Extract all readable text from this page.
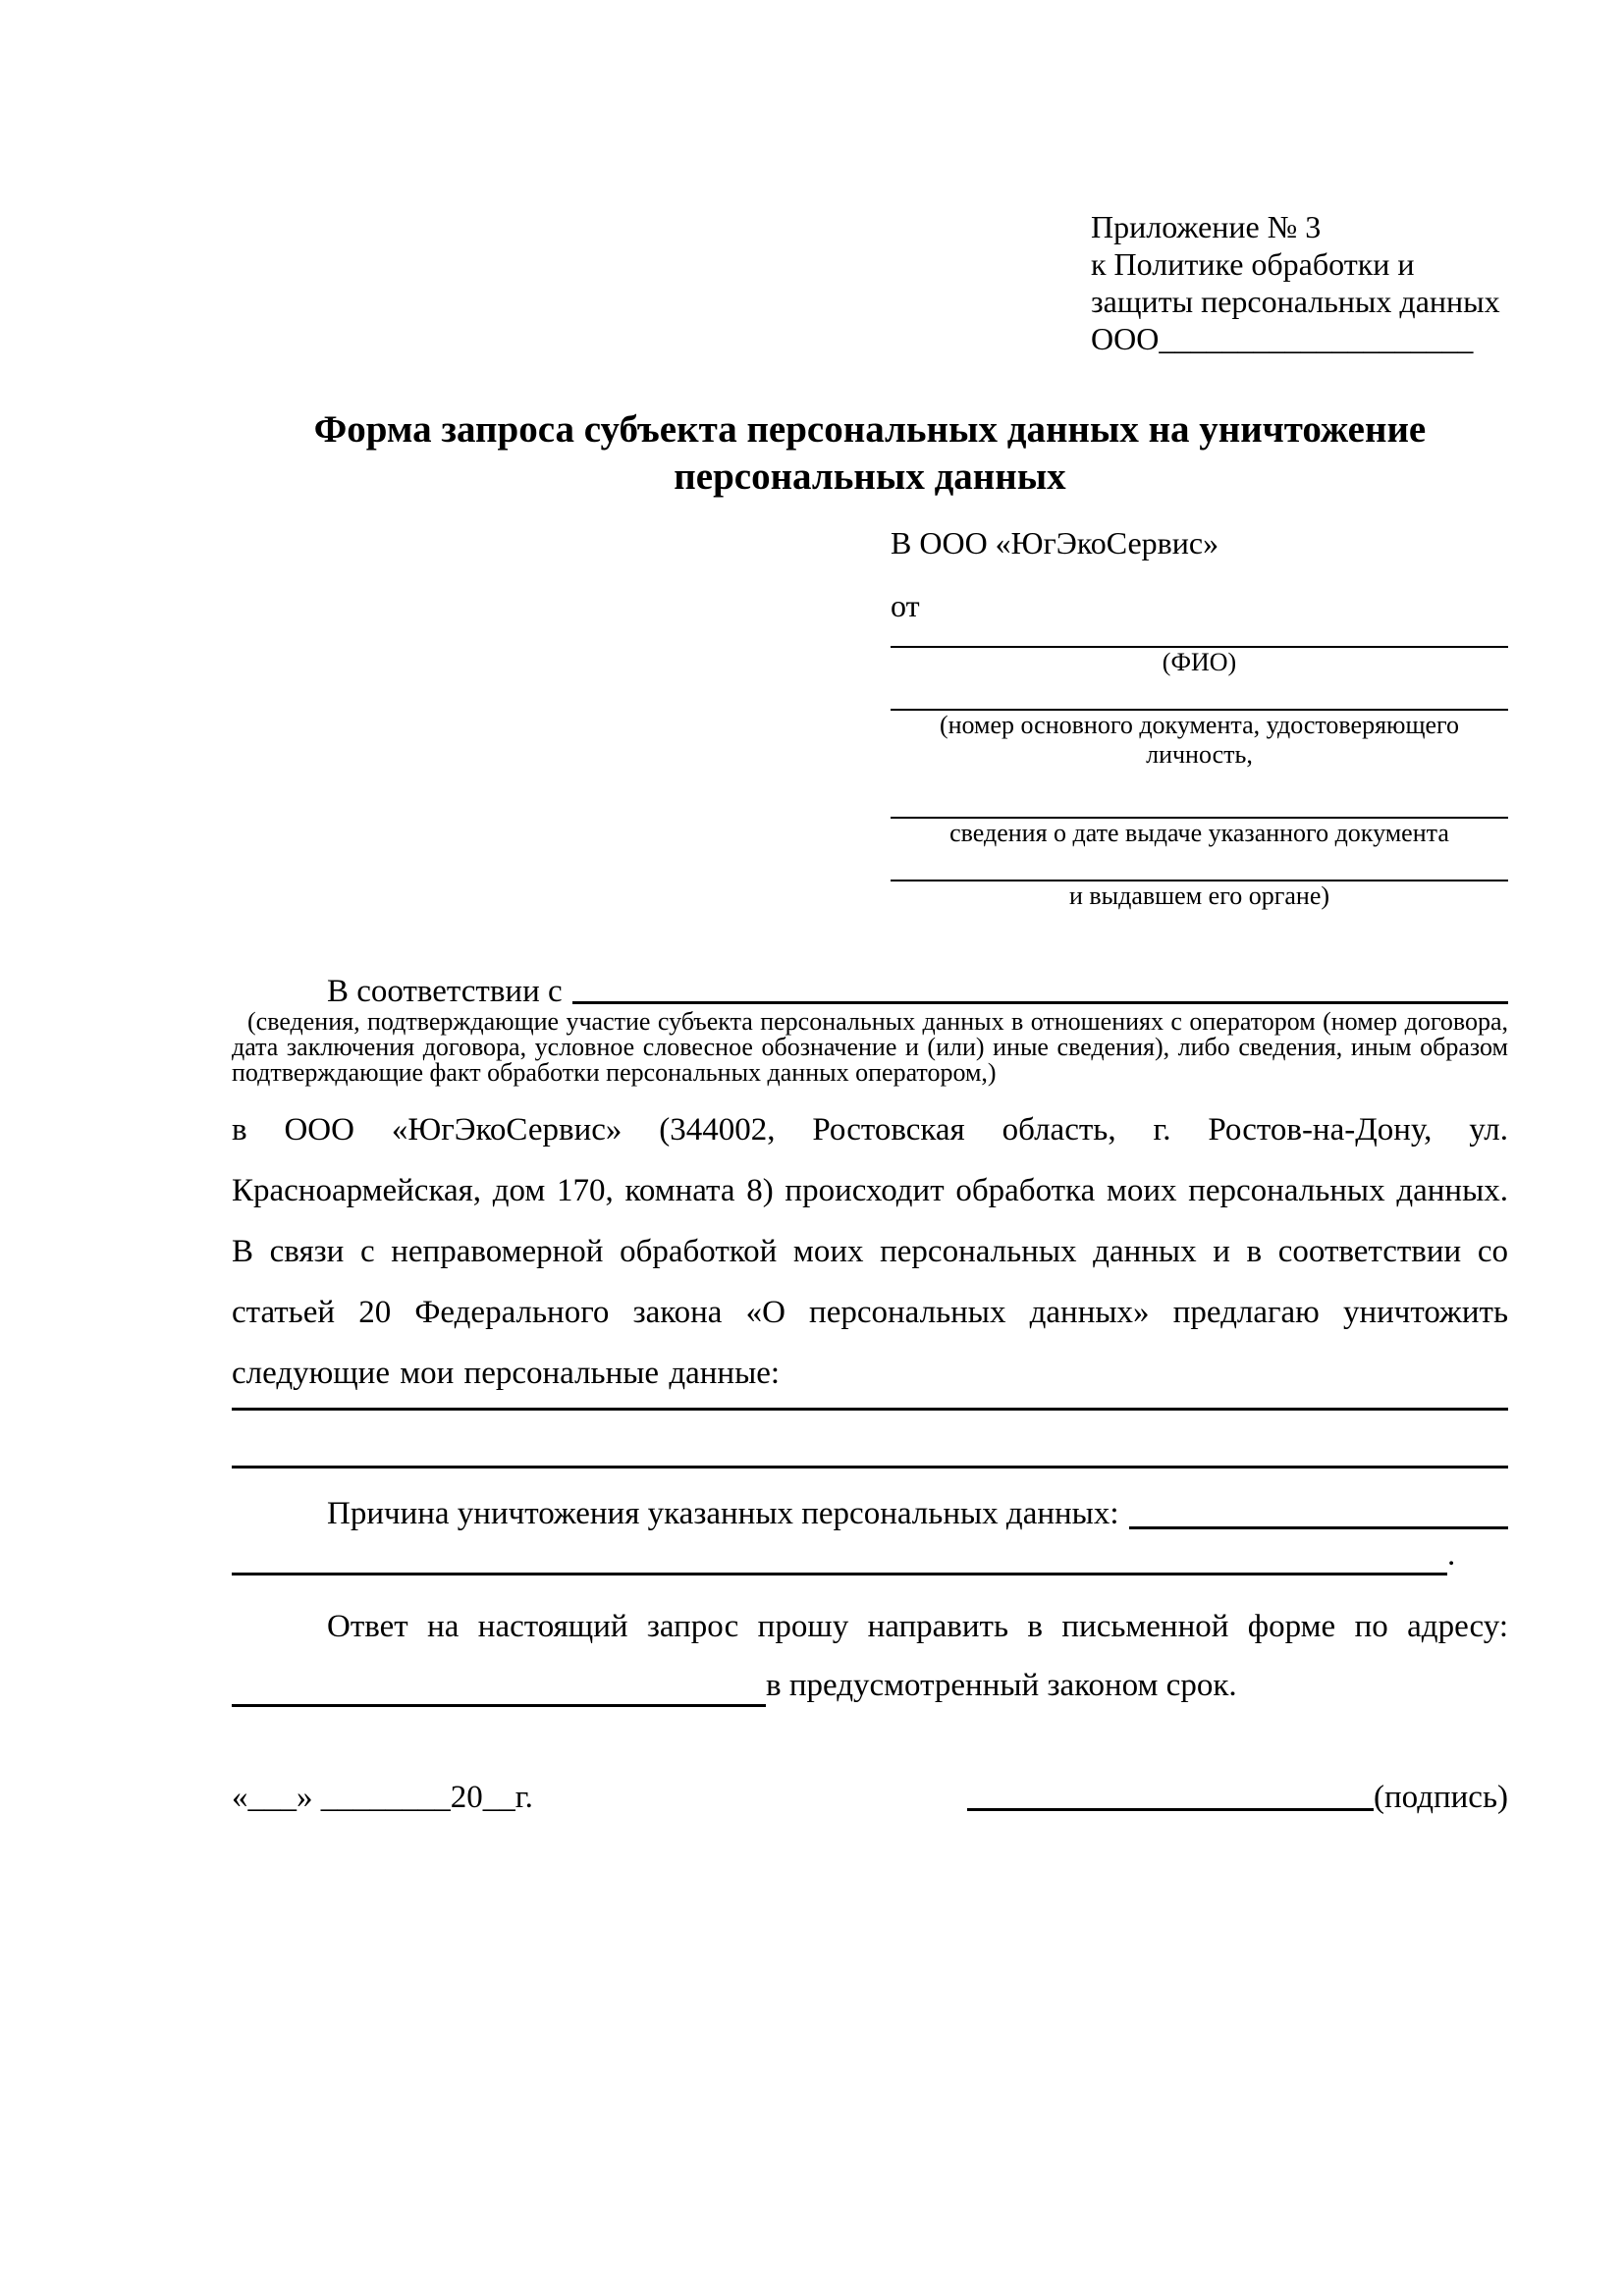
Приложение № 3
к Политике обработки и
защиты персональных данных
ООО____________________
Форма запроса субъекта персональных данных на уничтожение персональных данных
В ООО «ЮгЭкоСервис»
от
(ФИО)
(номер основного документа, удостоверяющего личность,
сведения о дате выдаче указанного документа
и выдавшем его органе)
В соответствии с
(сведения, подтверждающие участие субъекта персональных данных в отношениях с оператором (номер договора, дата заключения договора, условное словесное обозначение и (или) иные сведения), либо сведения, иным образом подтверждающие факт обработки персональных данных оператором,)
в ООО «ЮгЭкоСервис» (344002, Ростовская область, г. Ростов-на-Дону, ул. Красноармейская, дом 170, комната 8) происходит обработка моих персональных данных. В связи с неправомерной обработкой моих персональных данных и в соответствии со статьей 20 Федерального закона «О персональных данных» предлагаю уничтожить следующие мои персональные данные:
Причина уничтожения указанных персональных данных:
.
Ответ на настоящий запрос прошу направить в письменной форме по адресу:
в предусмотренный законом срок.
«___» ________20__г.	(подпись)
